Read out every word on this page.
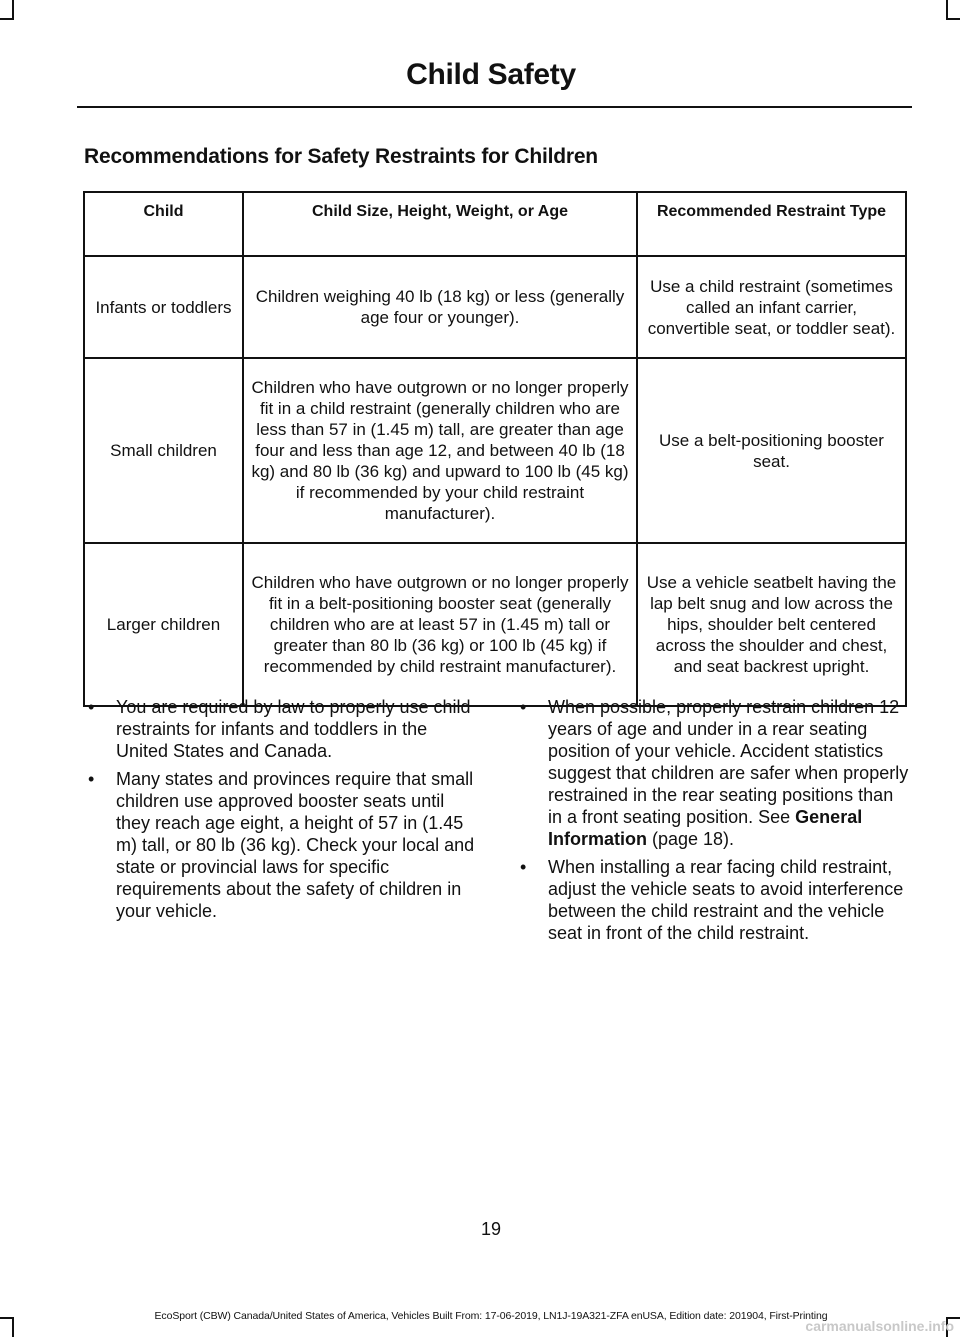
Child Safety
Recommendations for Safety Restraints for Children
Child	Child Size, Height, Weight, or Age	Recommended Restraint Type
Infants or toddlers	Children weighing 40 lb (18 kg) or less (generally age four or younger).	Use a child restraint (sometimes called an infant carrier, convertible seat, or toddler seat).
Small children	Children who have outgrown or no longer properly fit in a child restraint (generally children who are less than 57 in (1.45 m) tall, are greater than age four and less than age 12, and between 40 lb (18 kg) and 80 lb (36 kg) and upward to 100 lb (45 kg) if recommended by your child restraint manufacturer).	Use a belt-positioning booster seat.
Larger children	Children who have outgrown or no longer properly fit in a belt-positioning booster seat (generally children who are at least 57 in (1.45 m) tall or greater than 80 lb (36 kg) or 100 lb (45 kg) if recommended by child restraint manufacturer).	Use a vehicle seatbelt having the lap belt snug and low across the hips, shoulder belt centered across the shoulder and chest, and seat backrest upright.
• You are required by law to properly use child restraints for infants and toddlers in the United States and Canada.
• Many states and provinces require that small children use approved booster seats until they reach age eight, a height of 57 in (1.45 m) tall, or 80 lb (36 kg). Check your local and state or provincial laws for specific requirements about the safety of children in your vehicle.
• When possible, properly restrain children 12 years of age and under in a rear seating position of your vehicle. Accident statistics suggest that children are safer when properly restrained in the rear seating positions than in a front seating position. See General Information (page 18).
• When installing a rear facing child restraint, adjust the vehicle seats to avoid interference between the child restraint and the vehicle seat in front of the child restraint.
19
EcoSport (CBW) Canada/United States of America, Vehicles Built From: 17-06-2019, LN1J-19A321-ZFA enUSA, Edition date: 201904, First-Printing
carmanualsonline.info
